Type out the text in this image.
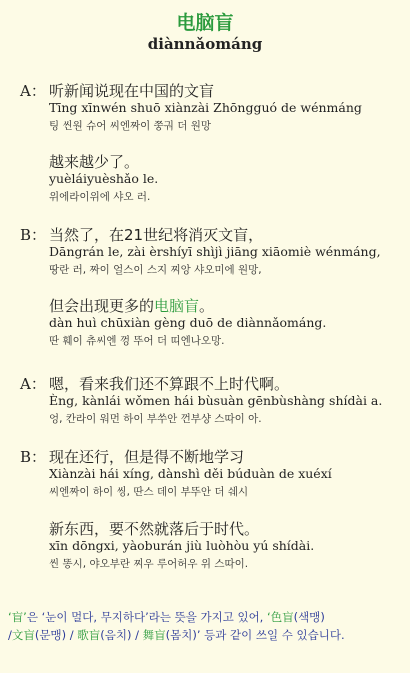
电脑盲
diànnǎománg
A： 听新闻说现在中国的文盲
Tīng xīnwén shuō xiànzài Zhōngguó de wénmáng
팅 씬원 슈어 씨엔짜이 쭝궈 더 원망
越来越少了。
yuèláiyuèshǎo le.
위에라이위에 샤오 러.
B： 当然了，在21世纪将消灭文盲，
Dāngrán le, zài èrshíyī shìjì jiāng xiāomiè wénmáng,
땅란 러, 짜이 얼스이 스지 찌앙 샤오미에 원망,
但会出现更多的电脑盲。
dàn huì chūxiàn gèng duō de diànnǎománg.
딴 훼이 츄씨엔 껑 뚜어 더 띠엔나오망.
A： 嗯，看来我们还不算跟不上时代啊。
Èng, kànlái wǒmen hái bùsuàn gēnbùshàng shídài a.
엉, 칸라이 워먼 하이 부쑤안 껀부샹 스따이 아.
B： 现在还行，但是得不断地学习
Xiànzài hái xíng, dànshì děi búduàn de xuéxí
씨엔짜이 하이 씽, 딴스 데이 부뚜안 더 쉐시
新东西，要不然就落后于时代。
xīn dōngxi, yàoburán jiù luòhòu yú shídài.
씬 똥시, 야오부란 찌우 루어허우 위 스따이.
‘盲’은 ‘눈이 멀다, 무지하다’라는 뜻을 가지고 있어, ‘色盲(색맹)
/文盲(문맹) / 歌盲(음치) / 舞盲(몸치)’ 등과 같이 쓰일 수 있습니다.
